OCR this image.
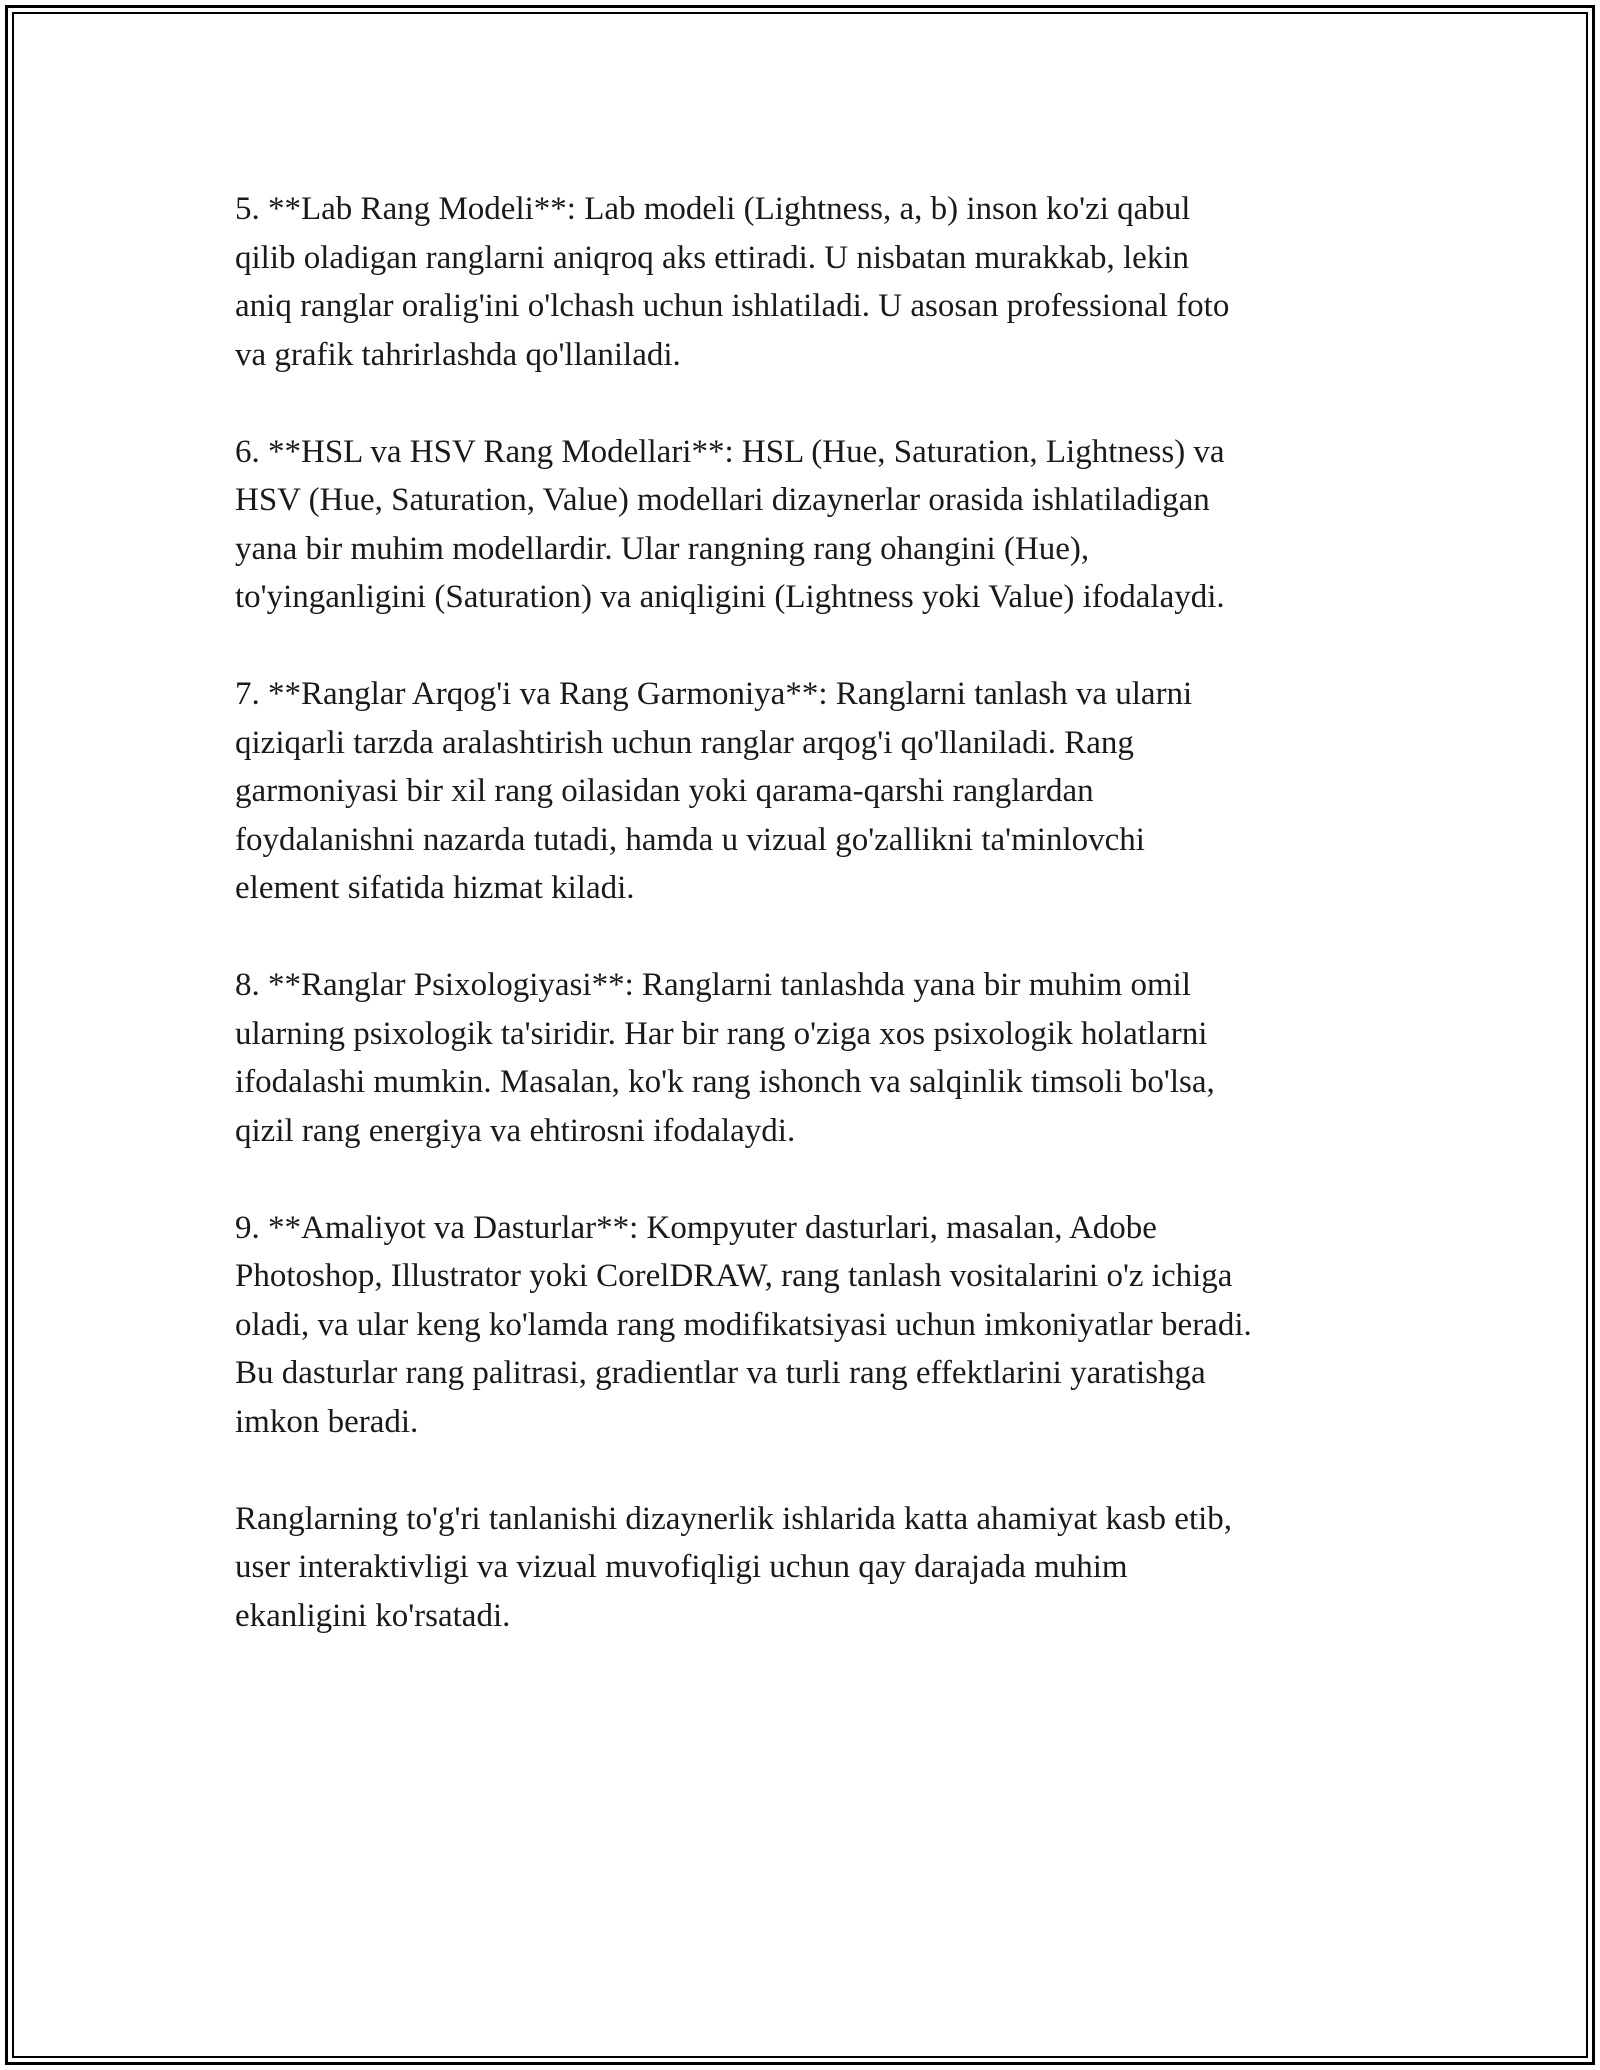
5. **Lab Rang Modeli**: Lab modeli (Lightness, a, b) inson ko'zi qabul
qilib oladigan ranglarni aniqroq aks ettiradi. U nisbatan murakkab, lekin
aniq ranglar oralig'ini o'lchash uchun ishlatiladi. U asosan professional foto
va grafik tahrirlashda qo'llaniladi.

6. **HSL va HSV Rang Modellari**: HSL (Hue, Saturation, Lightness) va
HSV (Hue, Saturation, Value) modellari dizaynerlar orasida ishlatiladigan
yana bir muhim modellardir. Ular rangning rang ohangini (Hue),
to'yinganligini (Saturation) va aniqligini (Lightness yoki Value) ifodalaydi.

7. **Ranglar Arqog'i va Rang Garmoniya**: Ranglarni tanlash va ularni
qiziqarli tarzda aralashtirish uchun ranglar arqog'i qo'llaniladi. Rang
garmoniyasi bir xil rang oilasidan yoki qarama-qarshi ranglardan
foydalanishni nazarda tutadi, hamda u vizual go'zallikni ta'minlovchi
element sifatida hizmat kiladi.

8. **Ranglar Psixologiyasi**: Ranglarni tanlashda yana bir muhim omil
ularning psixologik ta'siridir. Har bir rang o'ziga xos psixologik holatlarni
ifodalashi mumkin. Masalan, ko'k rang ishonch va salqinlik timsoli bo'lsa,
qizil rang energiya va ehtirosni ifodalaydi.

9. **Amaliyot va Dasturlar**: Kompyuter dasturlari, masalan, Adobe
Photoshop, Illustrator yoki CorelDRAW, rang tanlash vositalarini o'z ichiga
oladi, va ular keng ko'lamda rang modifikatsiyasi uchun imkoniyatlar beradi.
Bu dasturlar rang palitrasi, gradientlar va turli rang effektlarini yaratishga
imkon beradi.

Ranglarning to'g'ri tanlanishi dizaynerlik ishlarida katta ahamiyat kasb etib,
user interaktivligi va vizual muvofiqligi uchun qay darajada muhim
ekanligini ko'rsatadi.
